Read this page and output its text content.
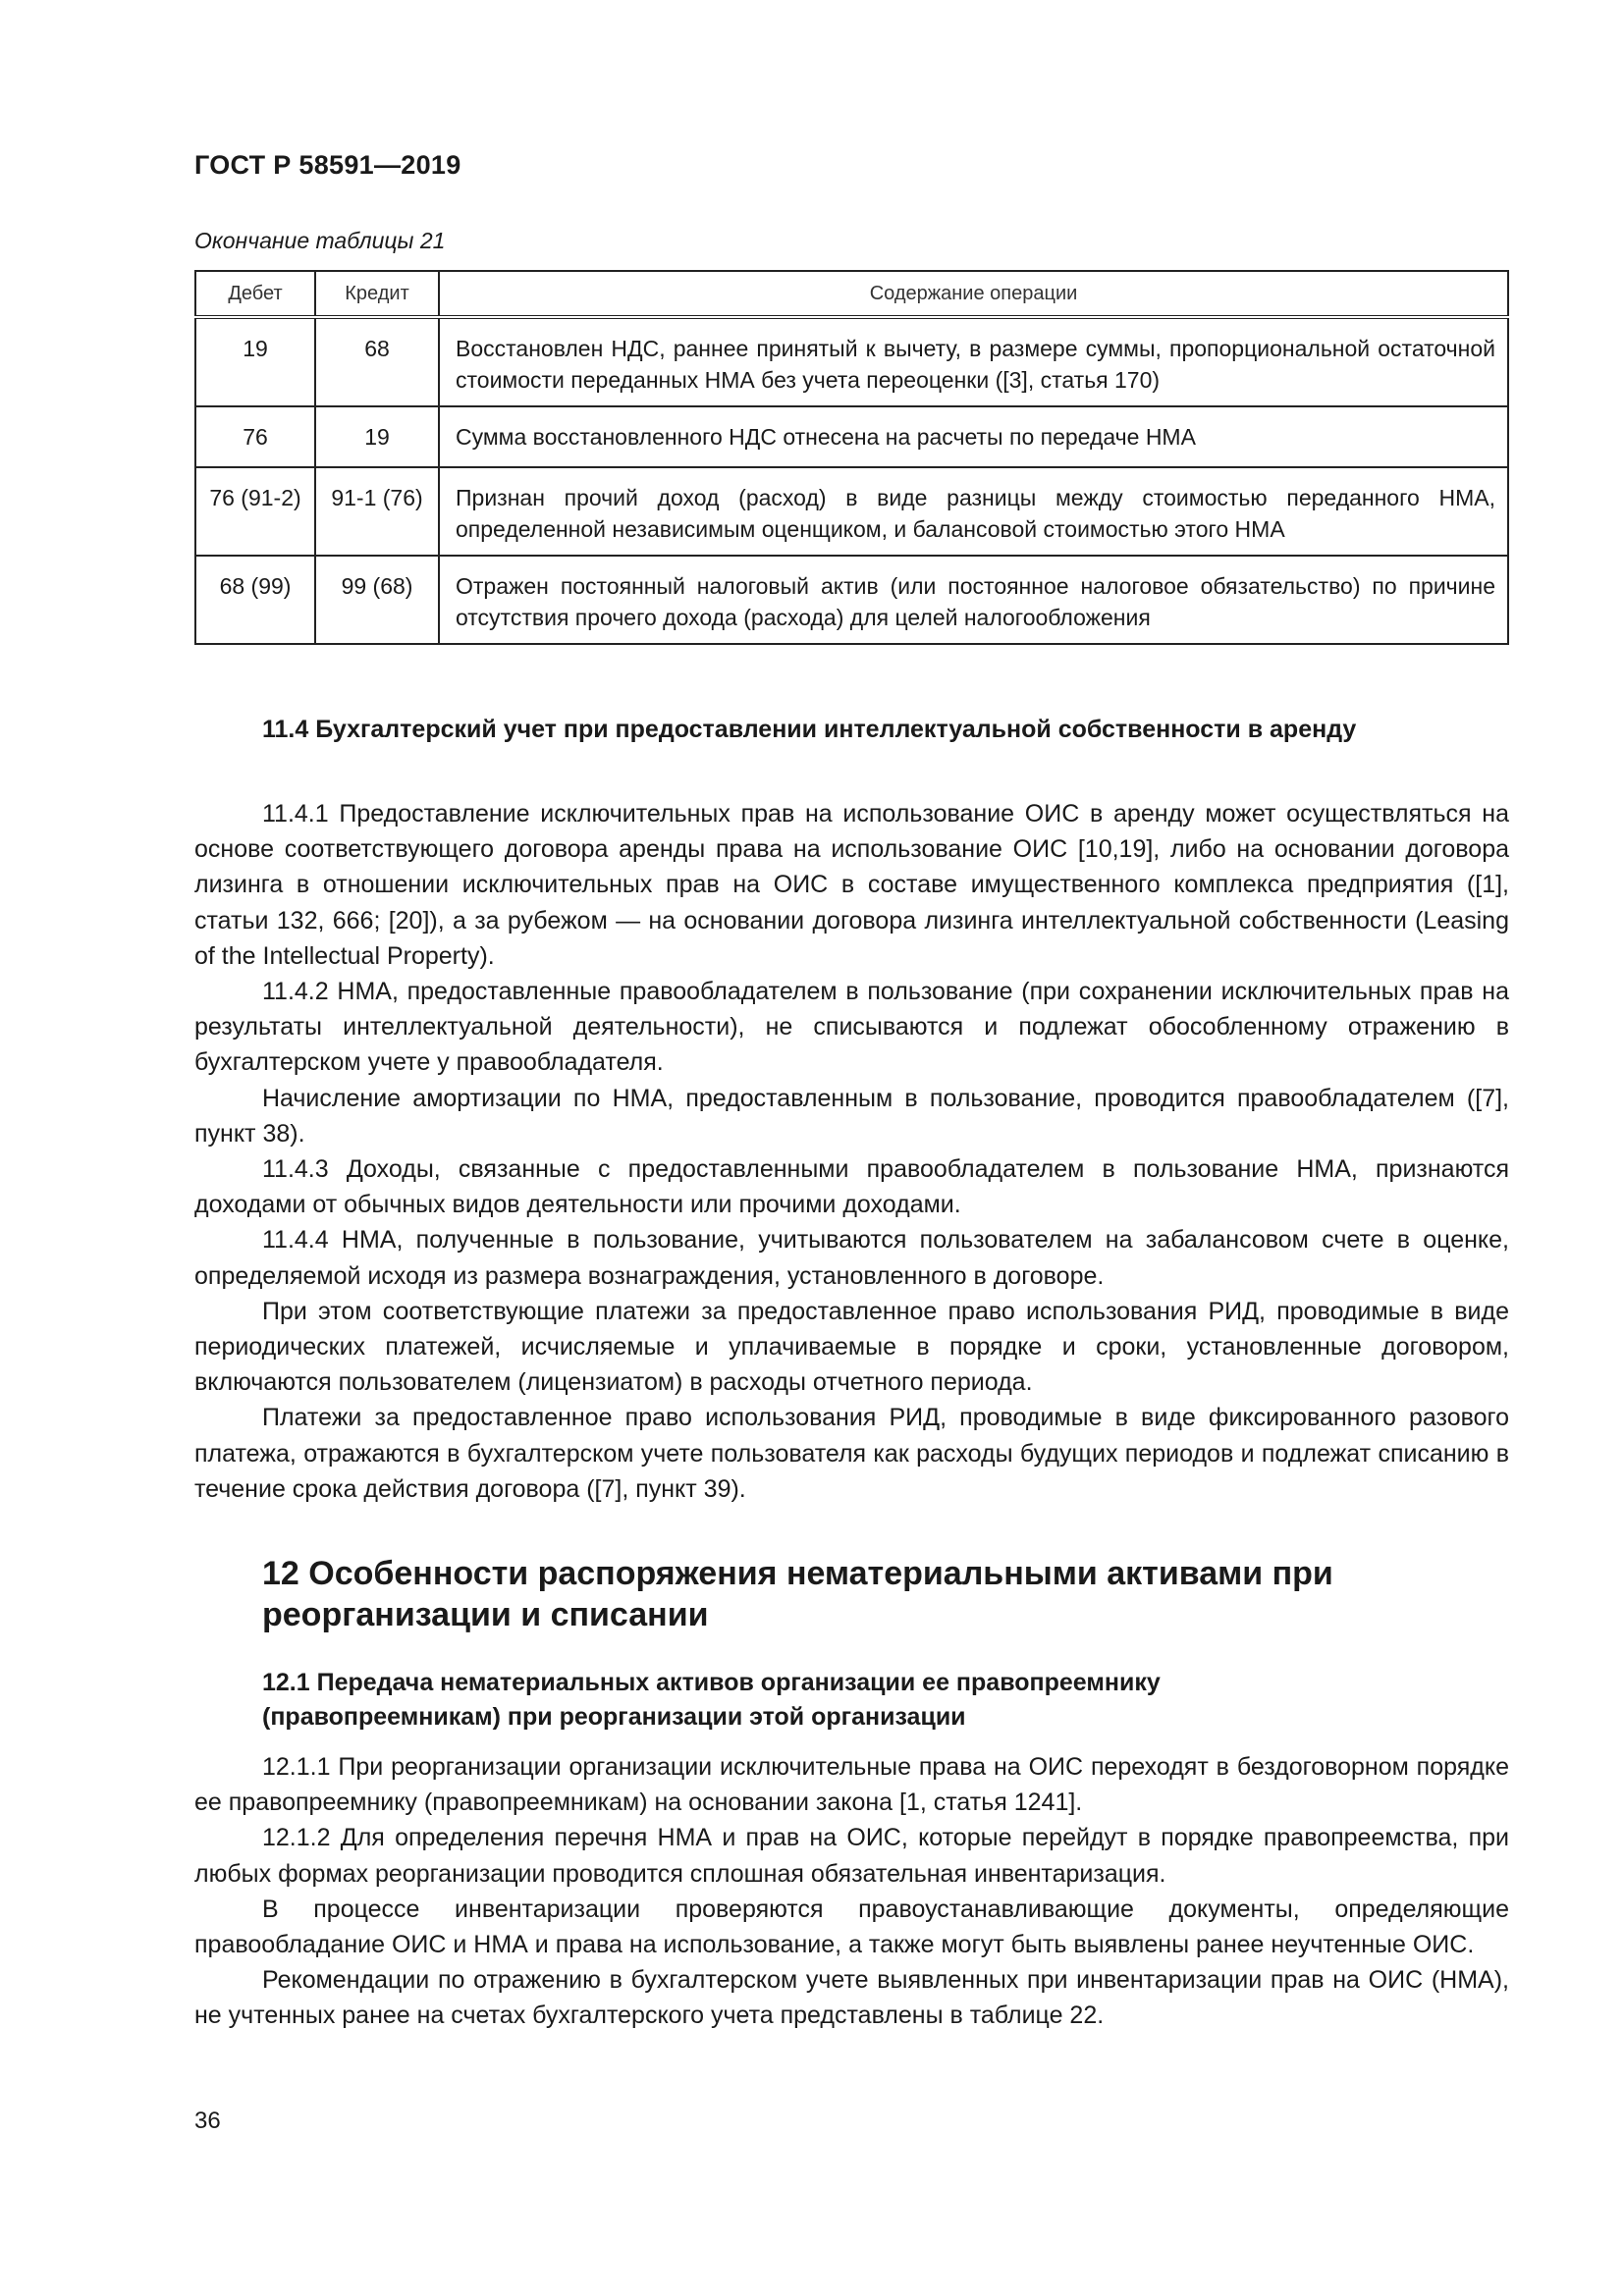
ГОСТ Р 58591—2019
Окончание таблицы 21
Дебет	Кредит	Содержание операции
19	68	Восстановлен НДС, раннее принятый к вычету, в размере суммы, пропорциональной остаточной стоимости переданных НМА без учета переоценки ([3], статья 170)
76	19	Сумма восстановленного НДС отнесена на расчеты по передаче НМА
76 (91-2)	91-1 (76)	Признан прочий доход (расход) в виде разницы между стоимостью переданного НМА, определенной независимым оценщиком, и балансовой стоимостью этого НМА
68 (99)	99 (68)	Отражен постоянный налоговый актив (или постоянное налоговое обязательство) по причине отсутствия прочего дохода (расхода) для целей налогообложения
11.4 Бухгалтерский учет при предоставлении интеллектуальной собственности в аренду

11.4.1 Предоставление исключительных прав на использование ОИС в аренду может осуществляться на основе соответствующего договора аренды права на использование ОИС [10,19], либо на основании договора лизинга в отношении исключительных прав на ОИС в составе имущественного комплекса предприятия ([1], статьи 132, 666; [20]), а за рубежом — на основании договора лизинга интеллектуальной собственности (Leasing of the Intellectual Property).

11.4.2 НМА, предоставленные правообладателем в пользование (при сохранении исключительных прав на результаты интеллектуальной деятельности), не списываются и подлежат обособленному отражению в бухгалтерском учете у правообладателя.

Начисление амортизации по НМА, предоставленным в пользование, проводится правообладателем ([7], пункт 38).

11.4.3 Доходы, связанные с предоставленными правообладателем в пользование НМА, признаются доходами от обычных видов деятельности или прочими доходами.

11.4.4 НМА, полученные в пользование, учитываются пользователем на забалансовом счете в оценке, определяемой исходя из размера вознаграждения, установленного в договоре.

При этом соответствующие платежи за предоставленное право использования РИД, проводимые в виде периодических платежей, исчисляемые и уплачиваемые в порядке и сроки, установленные договором, включаются пользователем (лицензиатом) в расходы отчетного периода.

Платежи за предоставленное право использования РИД, проводимые в виде фиксированного разового платежа, отражаются в бухгалтерском учете пользователя как расходы будущих периодов и подлежат списанию в течение срока действия договора ([7], пункт 39).

12 Особенности распоряжения нематериальными активами при реорганизации и списании
12.1 Передача нематериальных активов организации ее правопреемнику (правопреемникам) при реорганизации этой организации

12.1.1 При реорганизации организации исключительные права на ОИС переходят в бездоговорном порядке ее правопреемнику (правопреемникам) на основании закона [1, статья 1241].

12.1.2 Для определения перечня НМА и прав на ОИС, которые перейдут в порядке правопреемства, при любых формах реорганизации проводится сплошная обязательная инвентаризация.

В процессе инвентаризации проверяются правоустанавливающие документы, определяющие правообладание ОИС и НМА и права на использование, а также могут быть выявлены ранее неучтенные ОИС.

Рекомендации по отражению в бухгалтерском учете выявленных при инвентаризации прав на ОИС (НМА), не учтенных ранее на счетах бухгалтерского учета представлены в таблице 22.

36
